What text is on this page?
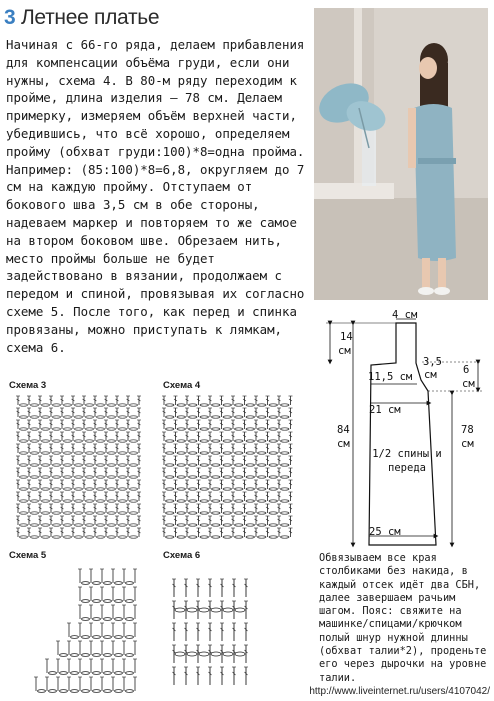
3 Летнее платье
Начиная с 66-го ряда, делаем прибавления для компенсации объёма груди, если они нужны, схема 4. В 80-м ряду переходим к пройме, длина изделия – 78 см. Делаем примерку, измеряем объём верхней части, убедившись, что всё хорошо, определяем пройму (обхват груди:100)*8=одна пройма. Например: (85:100)*8=6,8, округляем до 7 см на каждую пройму. Отступаем от бокового шва 3,5 см в обе стороны, надеваем маркер и повторяем то же самое на втором боковом шве. Обрезаем нить, место проймы больше не будет задействовано в вязании, продолжаем с передом и спиной, провязывая их согласно схеме 5. После того, как перед и спинка провязаны, можно приступать к лямкам, схема 6.
Схема 3	Схема 4
Схема 5	Схема 6
4 см
14
см
11,5 см
3,5
см	6
см
21 см
84
см
78
см
1/2 спины и переда
25 см
Обвязываем все края столбиками без накида, в каждый отсек идёт два СБН, далее завершаем рачьим шагом. Пояс: свяжите на машинке/спицами/крючком полый шнур нужной длинны (обхват талии*2), проденьте его через дырочки на уровне талии.
http://www.liveinternet.ru/users/4107042/
